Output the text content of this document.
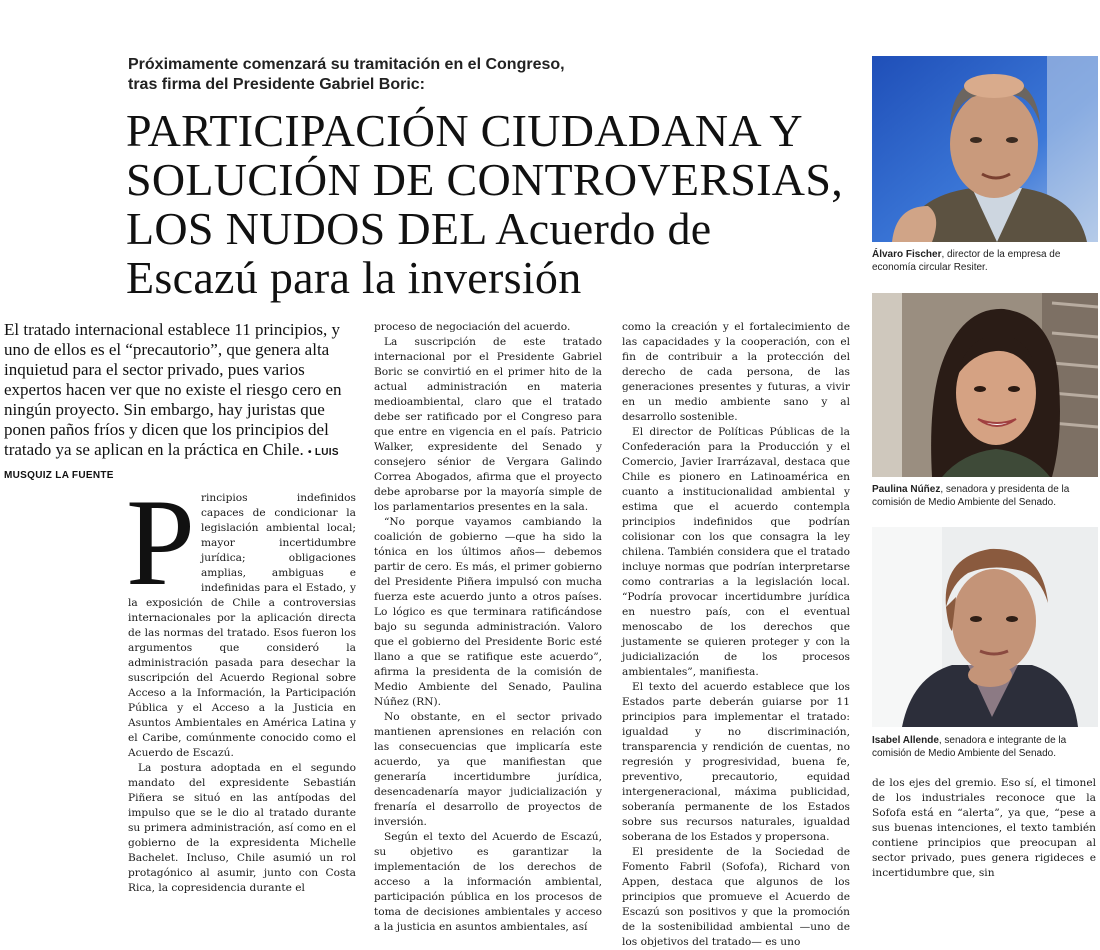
Próximamente comenzará su tramitación en el Congreso,
tras firma del Presidente Gabriel Boric:
PARTICIPACIÓN CIUDADANA Y
SOLUCIÓN DE CONTROVERSIAS,
LOS NUDOS DEL Acuerdo de
Escazú para la inversión
El tratado internacional establece 11 principios, y uno de ellos es el “precautorio”, que genera alta inquietud para el sector privado, pues varios expertos hacen ver que no existe el riesgo cero en ningún proyecto. Sin embargo, hay juristas que ponen paños fríos y dicen que los principios del tratado ya se aplican en la práctica en Chile. • LUIS MUSQUIZ LA FUENTE Principios indefinidos capaces de condicionar la legislación ambiental local; mayor incertidumbre jurídica; obligaciones amplias, ambiguas e indefinidas para el Estado, y la exposición de Chile a controversias internacionales por la aplicación directa de las normas del tratado. Esos fueron los argumentos que consideró la administración pasada para desechar la suscripción del Acuerdo Regional sobre Acceso a la Información, la Participación Pública y el Acceso a la Justicia en Asuntos Ambientales en América Latina y el Caribe, comúnmente conocido como el Acuerdo de Escazú.

La postura adoptada en el segundo mandato del expresidente Sebastián Piñera se situó en las antípodas del impulso que se le dio al tratado durante su primera administración, así como en el gobierno de la expresidenta Michelle Bachelet. Incluso, Chile asumió un rol protagónico al asumir, junto con Costa Rica, la copresidencia durante el

proceso de negociación del acuerdo.

La suscripción de este tratado internacional por el Presidente Gabriel Boric se convirtió en el primer hito de la actual administración en materia medioambiental, claro que el tratado debe ser ratificado por el Congreso para que entre en vigencia en el país. Patricio Walker, expresidente del Senado y consejero sénior de Vergara Galindo Correa Abogados, afirma que el proyecto debe aprobarse por la mayoría simple de los parlamentarios presentes en la sala.

“No porque vayamos cambiando la coalición de gobierno —que ha sido la tónica en los últimos años— debemos partir de cero. Es más, el primer gobierno del Presidente Piñera impulsó con mucha fuerza este acuerdo junto a otros países. Lo lógico es que terminara ratificándose bajo su segunda administración. Valoro que el gobierno del Presidente Boric esté llano a que se ratifique este acuerdo”, afirma la presidenta de la comisión de Medio Ambiente del Senado, Paulina Núñez (RN).

No obstante, en el sector privado mantienen aprensiones en relación con las consecuencias que implicaría este acuerdo, ya que manifiestan que generaría incertidumbre jurídica, desencadenaría mayor judicialización y frenaría el desarrollo de proyectos de inversión.

Según el texto del Acuerdo de Escazú, su objetivo es garantizar la implementación de los derechos de acceso a la información ambiental, participación pública en los procesos de toma de decisiones ambientales y acceso a la justicia en asuntos ambientales, así

como la creación y el fortalecimiento de las capacidades y la cooperación, con el fin de contribuir a la protección del derecho de cada persona, de las generaciones presentes y futuras, a vivir en un medio ambiente sano y al desarrollo sostenible.

El director de Políticas Públicas de la Confederación para la Producción y el Comercio, Javier Irarrázaval, destaca que Chile es pionero en Latinoamérica en cuanto a institucionalidad ambiental y estima que el acuerdo contempla principios indefinidos que podrían colisionar con los que consagra la ley chilena. También considera que el tratado incluye normas que podrían interpretarse como contrarias a la legislación local. “Podría provocar incertidumbre jurídica en nuestro país, con el eventual menoscabo de los derechos que justamente se quieren proteger y con la judicialización de los procesos ambientales”, manifiesta.

El texto del acuerdo establece que los Estados parte deberán guiarse por 11 principios para implementar el tratado: igualdad y no discriminación, transparencia y rendición de cuentas, no regresión y progresividad, buena fe, preventivo, precautorio, equidad intergeneracional, máxima publicidad, soberanía permanente de los Estados sobre sus recursos naturales, igualdad soberana de los Estados y propersona.

El presidente de la Sociedad de Fomento Fabril (Sofofa), Richard von Appen, destaca que algunos de los principios que promueve el Acuerdo de Escazú son positivos y que la promoción de la sostenibilidad ambiental —uno de los objetivos del tratado— es uno

de los ejes del gremio. Eso sí, el timonel de los industriales reconoce que la Sofofa está en “alerta”, ya que, “pese a sus buenas intenciones, el texto también contiene principios que preocupan al sector privado, pues genera rigideces e incertidumbre que, sin

Álvaro Fischer, director de la empresa de economía circular Resiter.
Paulina Núñez, senadora y presidenta de la comisión de Medio Ambiente del Senado.
Isabel Allende, senadora e integrante de la comisión de Medio Ambiente del Senado.
